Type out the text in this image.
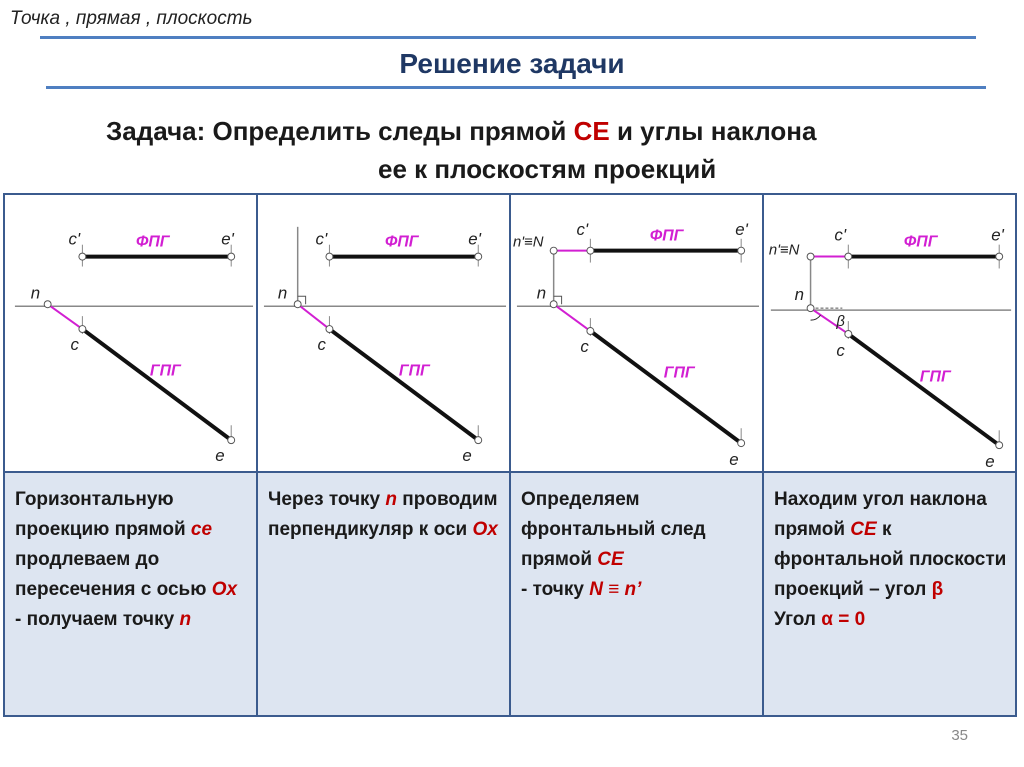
Точка , прямая , плоскость
Решение задачи
Задача: Определить следы прямой CE и углы наклона
ее к плоскостям проекций
c'	e'
ФПГ
n
c
ГПГ
e
Горизонтальную проекцию прямой ce продлеваем до пересечения с осью Ох - получаем точку n
c'	e'
ФПГ
n
c
ГПГ
e
Через точку n проводим перпендикуляр к оси Ох
n'≡N
c'	e'
ФПГ
n
c
ГПГ
e
Определяем фронтальный след прямой CE
- точку N ≡ n’
n'≡N
c'	e'
ФПГ
n
β
c
ГПГ
e
Находим угол наклона прямой CE к фронтальной плоскости проекций – угол β
Угол α = 0
35
